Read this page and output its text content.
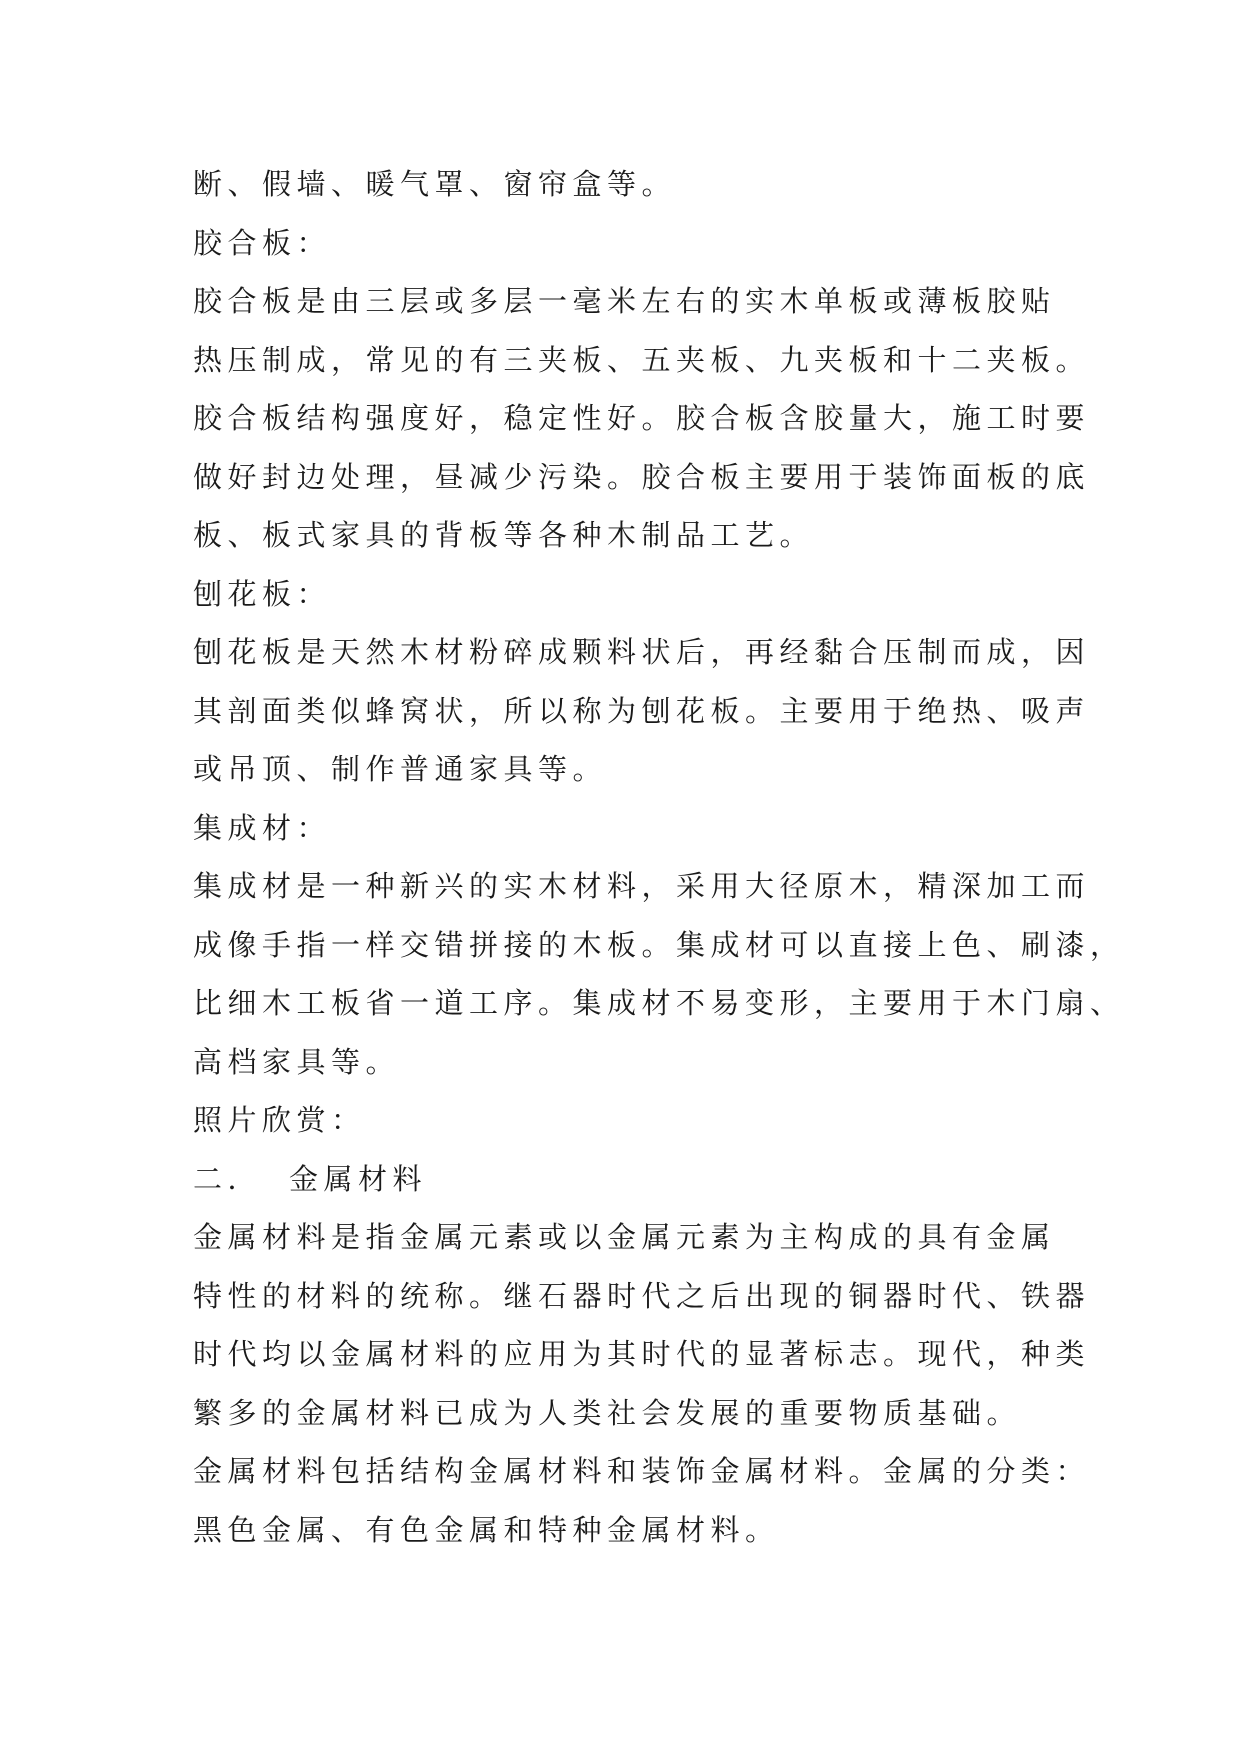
断、假墙、暖气罩、窗帘盒等。
胶合板：
胶合板是由三层或多层一毫米左右的实木单板或薄板胶贴
热压制成，常见的有三夹板、五夹板、九夹板和十二夹板。
胶合板结构强度好，稳定性好。胶合板含胶量大，施工时要
做好封边处理，昼减少污染。胶合板主要用于装饰面板的底
板、板式家具的背板等各种木制品工艺。
刨花板：
刨花板是天然木材粉碎成颗料状后，再经黏合压制而成，因
其剖面类似蜂窝状，所以称为刨花板。主要用于绝热、吸声
或吊顶、制作普通家具等。
集成材：
集成材是一种新兴的实木材料，采用大径原木，精深加工而
成像手指一样交错拼接的木板。集成材可以直接上色、刷漆，
比细木工板省一道工序。集成材不易变形，主要用于木门扇、
高档家具等。
照片欣赏：
二． 金属材料
金属材料是指金属元素或以金属元素为主构成的具有金属
特性的材料的统称。继石器时代之后出现的铜器时代、铁器
时代均以金属材料的应用为其时代的显著标志。现代，种类
繁多的金属材料已成为人类社会发展的重要物质基础。
金属材料包括结构金属材料和装饰金属材料。金属的分类：
黑色金属、有色金属和特种金属材料。
